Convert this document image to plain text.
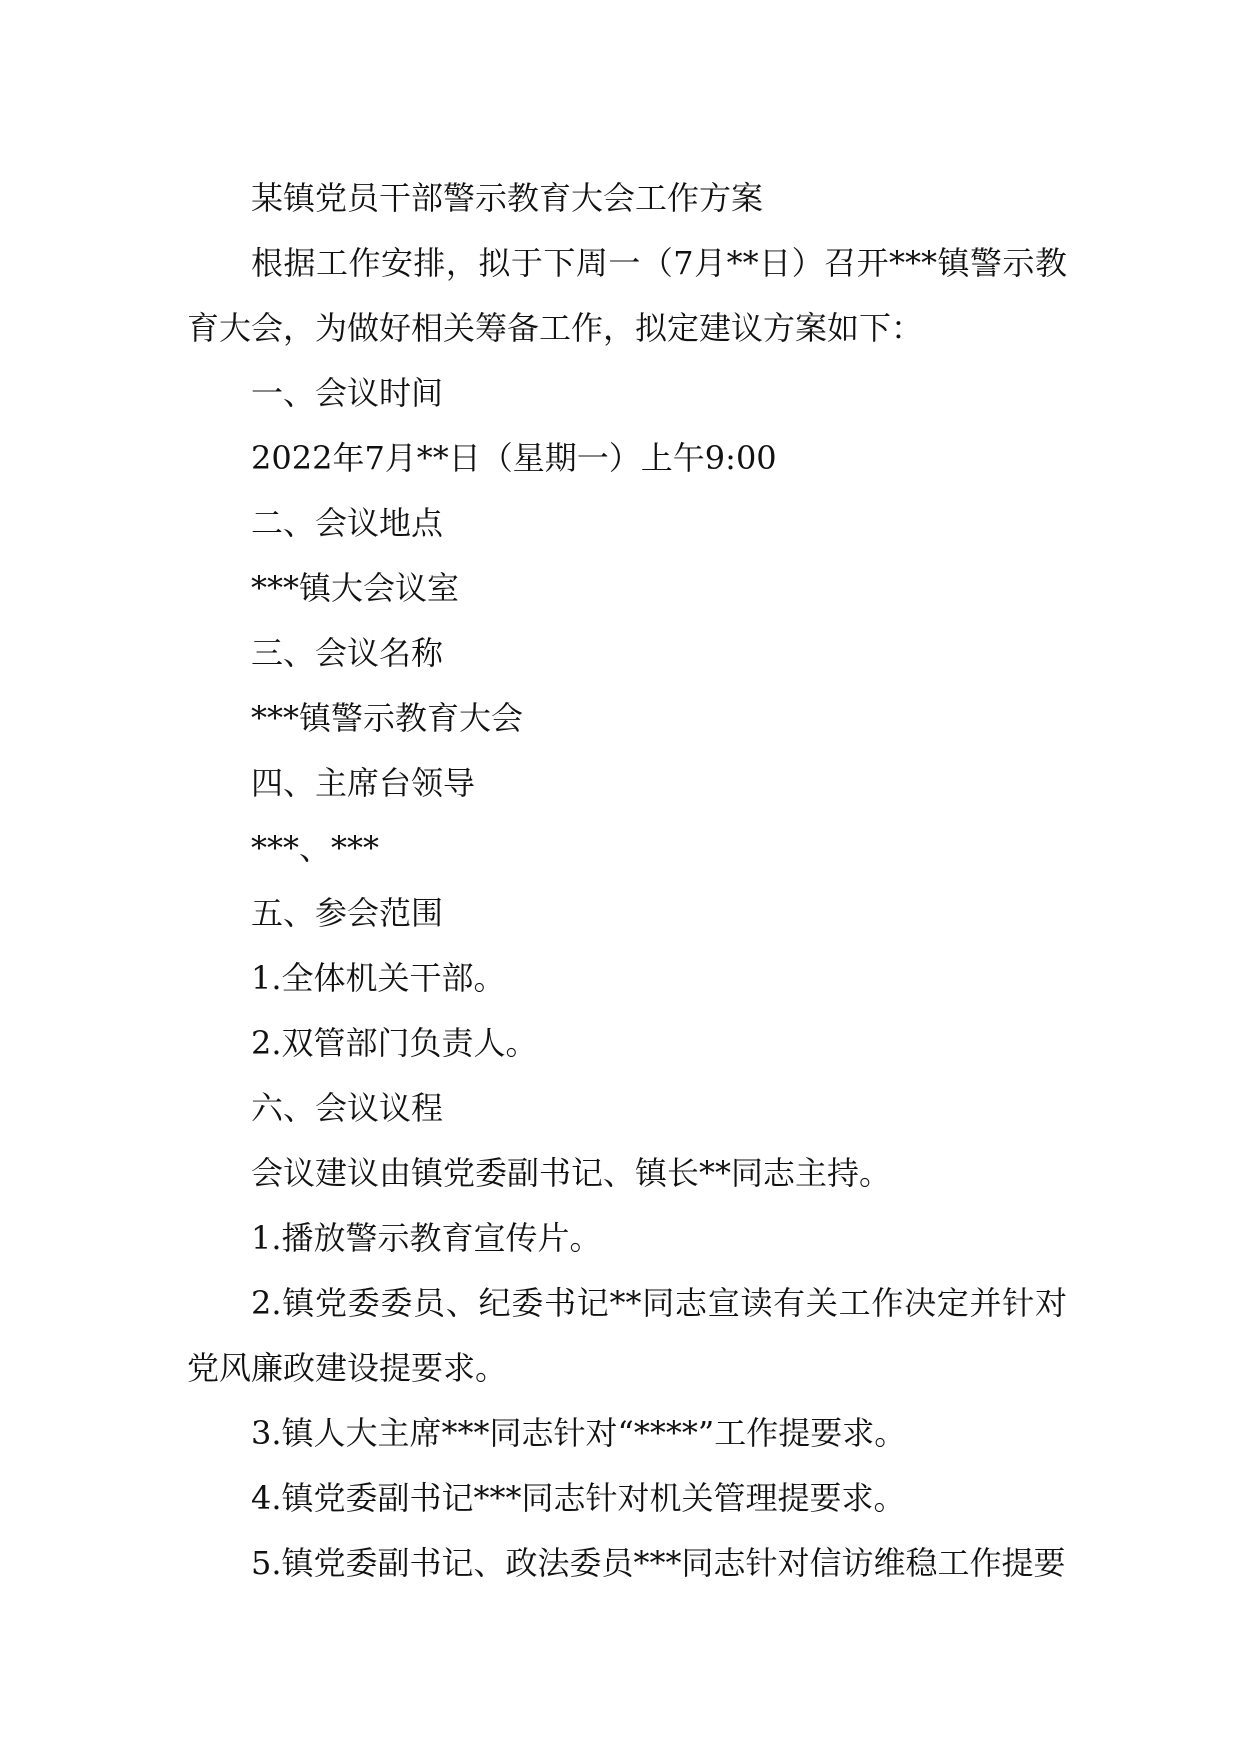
某镇党员干部警示教育大会工作方案

根据工作安排，拟于下周一（7月**日）召开***镇警示教育大会，为做好相关筹备工作，拟定建议方案如下：

一、会议时间

2022年7月**日（星期一）上午9:00

二、会议地点

***镇大会议室

三、会议名称

***镇警示教育大会

四、主席台领导

***、***

五、参会范围

1.全体机关干部。

2.双管部门负责人。

六、会议议程

会议建议由镇党委副书记、镇长**同志主持。

1.播放警示教育宣传片。

2.镇党委委员、纪委书记**同志宣读有关工作决定并针对党风廉政建设提要求。

3.镇人大主席***同志针对“****”工作提要求。

4.镇党委副书记***同志针对机关管理提要求。

5.镇党委副书记、政法委员***同志针对信访维稳工作提要
